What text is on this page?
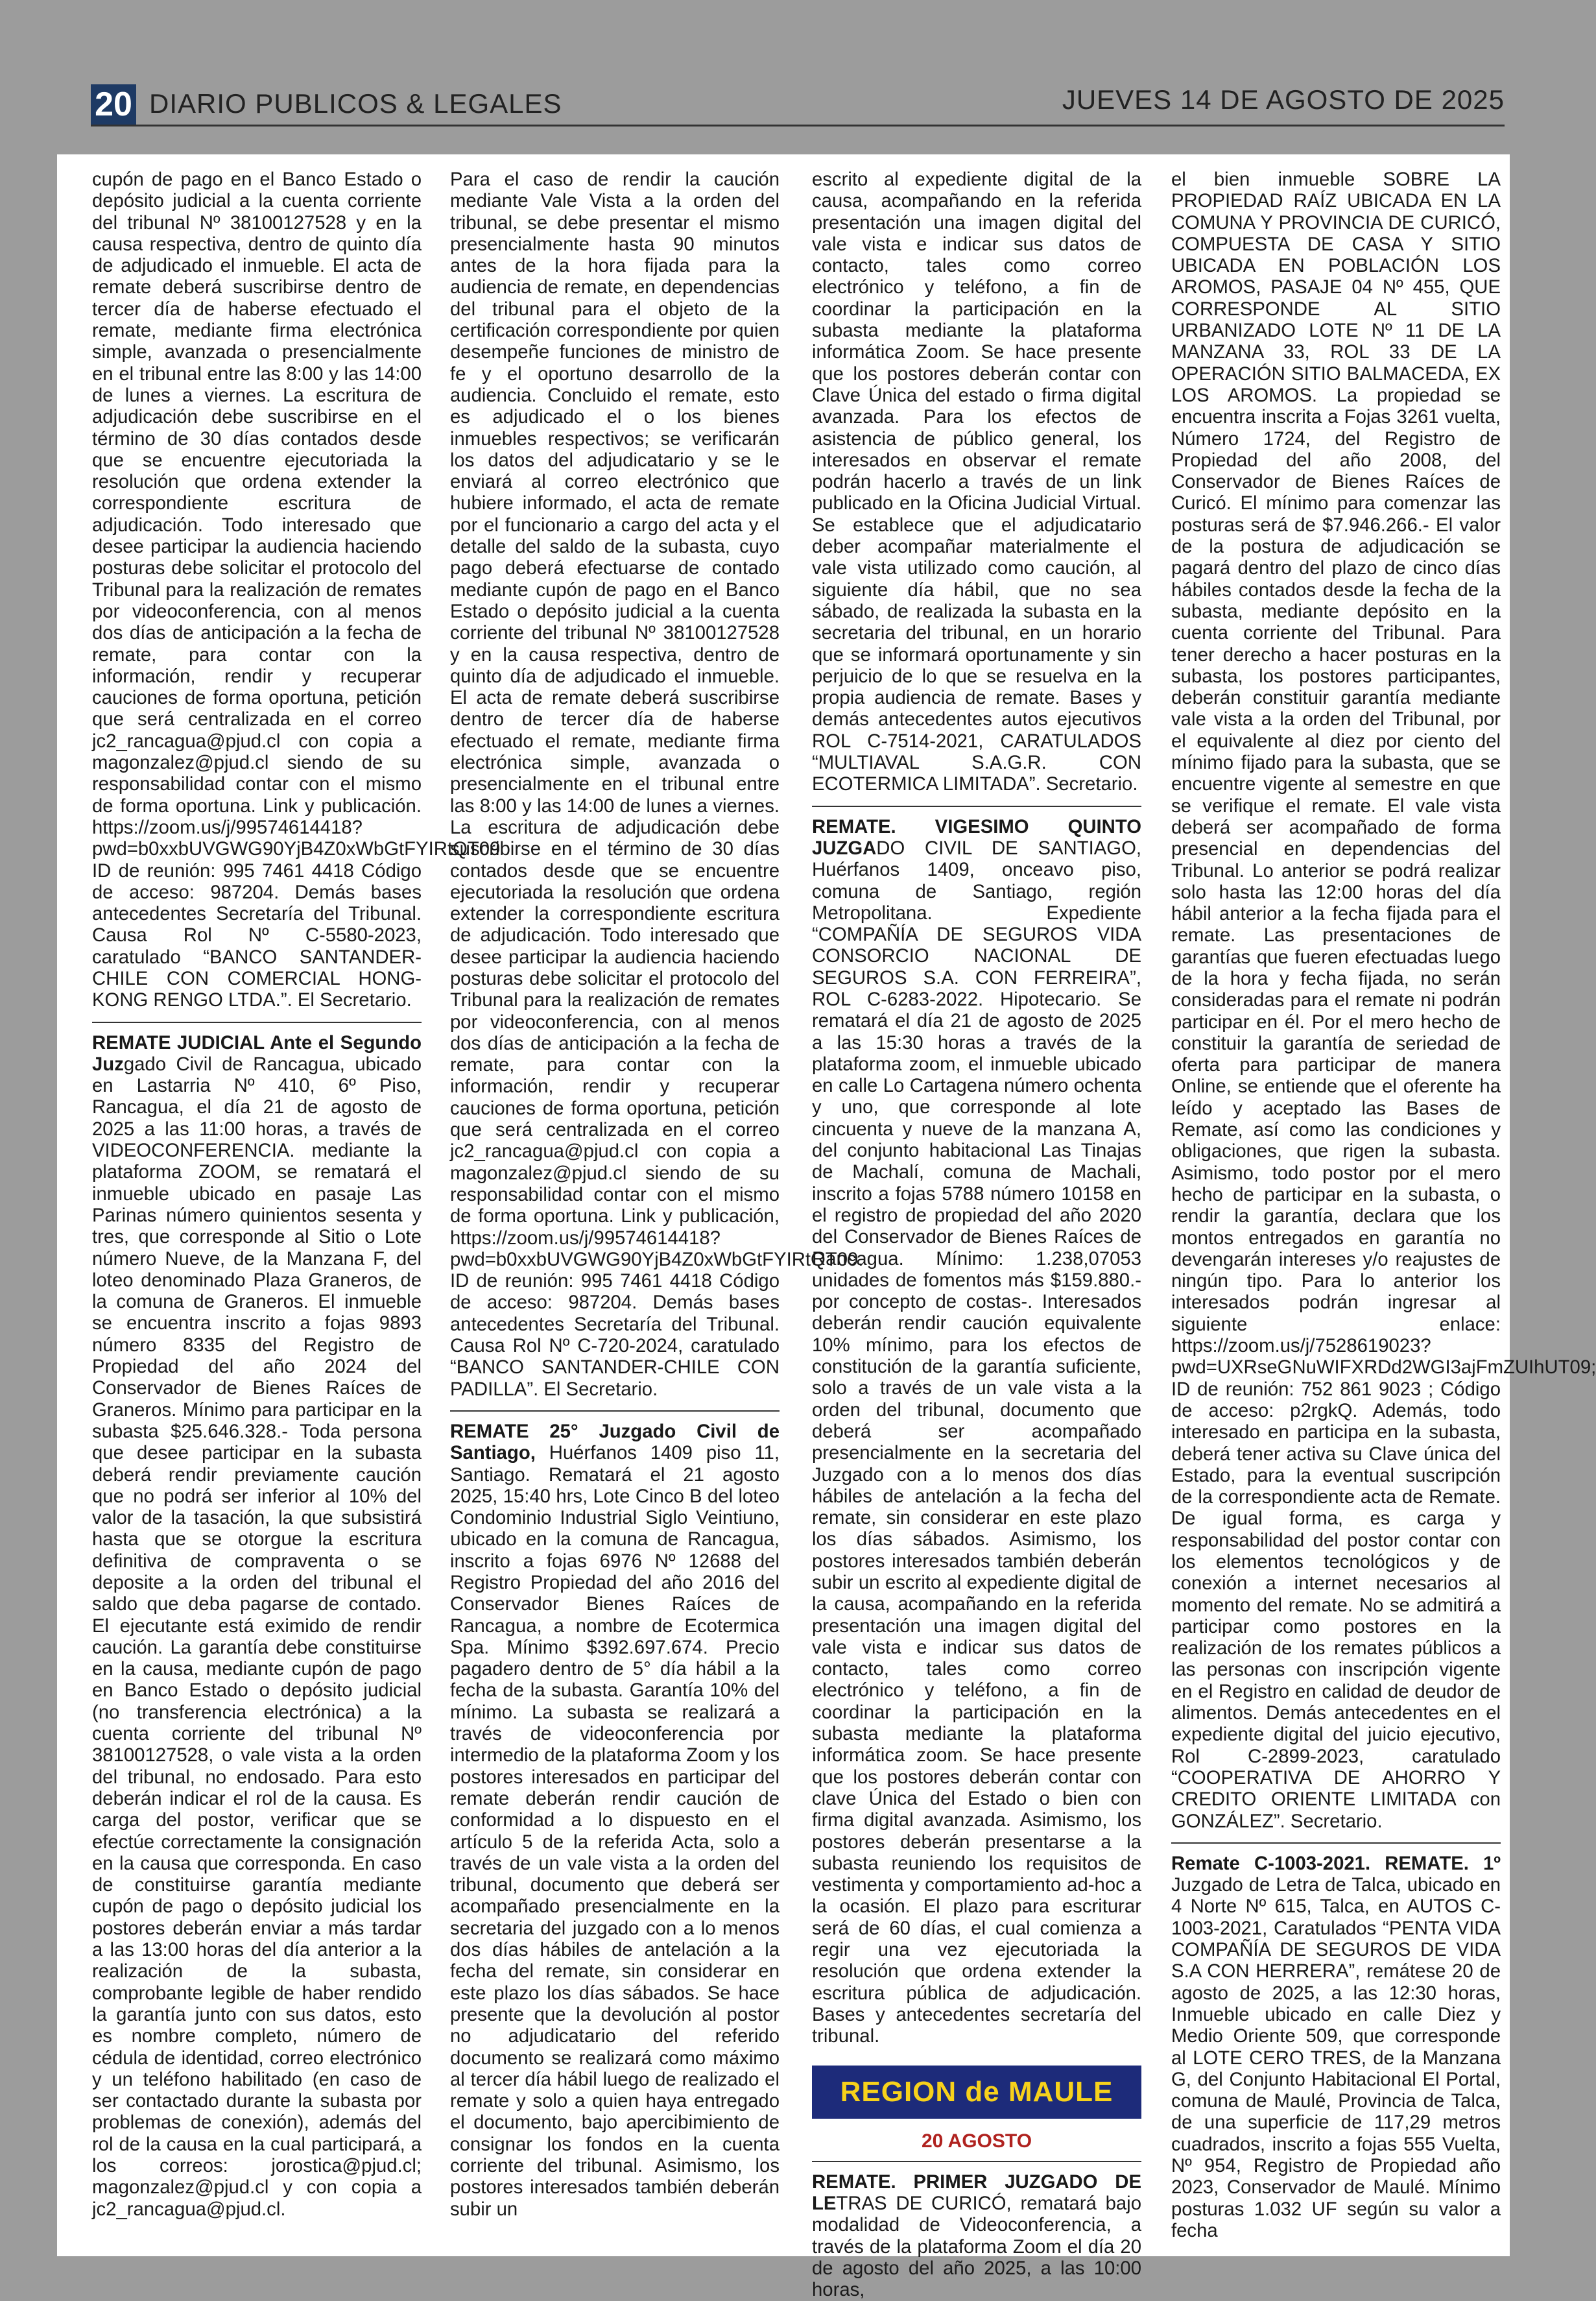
20 DIARIO PUBLICOS & LEGALES	JUEVES 14 DE AGOSTO DE 2025

cupón de pago en el Banco Estado o depósito judicial a la cuenta corriente del tribunal Nº 38100127528 y en la causa respectiva, dentro de quinto día de adjudicado el inmueble. El acta de remate deberá suscribirse dentro de tercer día de haberse efectuado el remate, mediante firma electrónica simple, avanzada o presencialmente en el tribunal entre las 8:00 y las 14:00 de lunes a viernes. La escritura de adjudicación debe suscribirse en el término de 30 días contados desde que se encuentre ejecutoriada la resolución que ordena extender la correspondiente escritura de adjudicación. Todo interesado que desee participar la audiencia haciendo posturas debe solicitar el protocolo del Tribunal para la realización de remates por videoconferencia, con al menos dos días de anticipación a la fecha de remate, para contar con la información, rendir y recuperar cauciones de forma oportuna, petición que será centralizada en el correo jc2_rancagua@pjud.cl con copia a magonzalez@pjud.cl siendo de su responsabilidad contar con el mismo de forma oportuna. Link y publicación. https://zoom.us/j/99574614418?pwd=b0xxbUVGWG90YjB4Z0xWbGtFYIRtQT09 ID de reunión: 995 7461 4418 Código de acceso: 987204. Demás bases antecedentes Secretaría del Tribunal. Causa Rol Nº C-5580-2023, caratulado “BANCO SANTANDER-CHILE CON COMERCIAL HONG-KONG RENGO LTDA.”. El Secretario.

REMATE JUDICIAL Ante el Segundo Juzgado Civil de Rancagua, ubicado en Lastarria Nº 410, 6º Piso, Rancagua, el día 21 de agosto de 2025 a las 11:00 horas, a través de VIDEOCONFERENCIA. mediante la plataforma ZOOM, se rematará el inmueble ubicado en pasaje Las Parinas número quinientos sesenta y tres, que corresponde al Sitio o Lote número Nueve, de la Manzana F, del loteo denominado Plaza Graneros, de la comuna de Graneros. El inmueble se encuentra inscrito a fojas 9893 número 8335 del Registro de Propiedad del año 2024 del Conservador de Bienes Raíces de Graneros. Mínimo para participar en la subasta $25.646.328.- Toda persona que desee participar en la subasta deberá rendir previamente caución que no podrá ser inferior al 10% del valor de la tasación, la que subsistirá hasta que se otorgue la escritura definitiva de compraventa o se deposite a la orden del tribunal el saldo que deba pagarse de contado. El ejecutante está eximido de rendir caución. La garantía debe constituirse en la causa, mediante cupón de pago en Banco Estado o depósito judicial (no transferencia electrónica) a la cuenta corriente del tribunal Nº 38100127528, o vale vista a la orden del tribunal, no endosado. Para esto deberán indicar el rol de la causa. Es carga del postor, verificar que se efectúe correctamente la consignación en la causa que corresponda. En caso de constituirse garantía mediante cupón de pago o depósito judicial los postores deberán enviar a más tardar a las 13:00 horas del día anterior a la realización de la subasta, comprobante legible de haber rendido la garantía junto con sus datos, esto es nombre completo, número de cédula de identidad, correo electrónico y un teléfono habilitado (en caso de ser contactado durante la subasta por problemas de conexión), además del rol de la causa en la cual participará, a los correos: jorostica@pjud.cl; magonzalez@pjud.cl y con copia a jc2_rancagua@pjud.cl.

Para el caso de rendir la caución mediante Vale Vista a la orden del tribunal, se debe presentar el mismo presencialmente hasta 90 minutos antes de la hora fijada para la audiencia de remate, en dependencias del tribunal para el objeto de la certificación correspondiente por quien desempeñe funciones de ministro de fe y el oportuno desarrollo de la audiencia. Concluido el remate, esto es adjudicado el o los bienes inmuebles respectivos; se verificarán los datos del adjudicatario y se le enviará al correo electrónico que hubiere informado, el acta de remate por el funcionario a cargo del acta y el detalle del saldo de la subasta, cuyo pago deberá efectuarse de contado mediante cupón de pago en el Banco Estado o depósito judicial a la cuenta corriente del tribunal Nº 38100127528 y en la causa respectiva, dentro de quinto día de adjudicado el inmueble. El acta de remate deberá suscribirse dentro de tercer día de haberse efectuado el remate, mediante firma electrónica simple, avanzada o presencialmente en el tribunal entre las 8:00 y las 14:00 de lunes a viernes. La escritura de adjudicación debe suscribirse en el término de 30 días contados desde que se encuentre ejecutoriada la resolución que ordena extender la correspondiente escritura de adjudicación. Todo interesado que desee participar la audiencia haciendo posturas debe solicitar el protocolo del Tribunal para la realización de remates por videoconferencia, con al menos dos días de anticipación a la fecha de remate, para contar con la información, rendir y recuperar cauciones de forma oportuna, petición que será centralizada en el correo jc2_rancagua@pjud.cl con copia a magonzalez@pjud.cl siendo de su responsabilidad contar con el mismo de forma oportuna. Link y publicación, https://zoom.us/j/99574614418?pwd=b0xxbUVGWG90YjB4Z0xWbGtFYIRtQT09. ID de reunión: 995 7461 4418 Código de acceso: 987204. Demás bases antecedentes Secretaría del Tribunal. Causa Rol Nº C-720-2024, caratulado “BANCO SANTANDER-CHILE CON PADILLA”. El Secretario.

REMATE 25° Juzgado Civil de Santiago, Huérfanos 1409 piso 11, Santiago. Rematará el 21 agosto 2025, 15:40 hrs, Lote Cinco B del loteo Condominio Industrial Siglo Veintiuno, ubicado en la comuna de Rancagua, inscrito a fojas 6976 Nº 12688 del Registro Propiedad del año 2016 del Conservador Bienes Raíces de Rancagua, a nombre de Ecotermica Spa. Mínimo $392.697.674. Precio pagadero dentro de 5° día hábil a la fecha de la subasta. Garantía 10% del mínimo. La subasta se realizará a través de videoconferencia por intermedio de la plataforma Zoom y los postores interesados en participar del remate deberán rendir caución de conformidad a lo dispuesto en el artículo 5 de la referida Acta, solo a través de un vale vista a la orden del tribunal, documento que deberá ser acompañado presencialmente en la secretaria del juzgado con a lo menos dos días hábiles de antelación a la fecha del remate, sin considerar en este plazo los días sábados. Se hace presente que la devolución al postor no adjudicatario del referido documento se realizará como máximo al tercer día hábil luego de realizado el remate y solo a quien haya entregado el documento, bajo apercibimiento de consignar los fondos en la cuenta corriente del tribunal. Asimismo, los postores interesados también deberán subir un

escrito al expediente digital de la causa, acompañando en la referida presentación una imagen digital del vale vista e indicar sus datos de contacto, tales como correo electrónico y teléfono, a fin de coordinar la participación en la subasta mediante la plataforma informática Zoom. Se hace presente que los postores deberán contar con Clave Única del estado o firma digital avanzada. Para los efectos de asistencia de público general, los interesados en observar el remate podrán hacerlo a través de un link publicado en la Oficina Judicial Virtual. Se establece que el adjudicatario deber acompañar materialmente el vale vista utilizado como caución, al siguiente día hábil, que no sea sábado, de realizada la subasta en la secretaria del tribunal, en un horario que se informará oportunamente y sin perjuicio de lo que se resuelva en la propia audiencia de remate. Bases y demás antecedentes autos ejecutivos ROL C-7514-2021, CARATULADOS “MULTIAVAL S.A.G.R. CON ECOTERMICA LIMITADA”. Secretario.

REMATE. VIGESIMO QUINTO JUZGADO CIVIL DE SANTIAGO, Huérfanos 1409, onceavo piso, comuna de Santiago, región Metropolitana. Expediente “COMPAÑÍA DE SEGUROS VIDA CONSORCIO NACIONAL DE SEGUROS S.A. CON FERREIRA”, ROL C-6283-2022. Hipotecario. Se rematará el día 21 de agosto de 2025 a las 15:30 horas a través de la plataforma zoom, el inmueble ubicado en calle Lo Cartagena número ochenta y uno, que corresponde al lote cincuenta y nueve de la manzana A, del conjunto habitacional Las Tinajas de Machalí, comuna de Machali, inscrito a fojas 5788 número 10158 en el registro de propiedad del año 2020 del Conservador de Bienes Raíces de Rancagua. Mínimo: 1.238,07053 unidades de fomentos más $159.880.- por concepto de costas-. Interesados deberán rendir caución equivalente 10% mínimo, para los efectos de constitución de la garantía suficiente, solo a través de un vale vista a la orden del tribunal, documento que deberá ser acompañado presencialmente en la secretaria del Juzgado con a lo menos dos días hábiles de antelación a la fecha del remate, sin considerar en este plazo los días sábados. Asimismo, los postores interesados también deberán subir un escrito al expediente digital de la causa, acompañando en la referida presentación una imagen digital del vale vista e indicar sus datos de contacto, tales como correo electrónico y teléfono, a fin de coordinar la participación en la subasta mediante la plataforma informática zoom. Se hace presente que los postores deberán contar con clave Única del Estado o bien con firma digital avanzada. Asimismo, los postores deberán presentarse a la subasta reuniendo los requisitos de vestimenta y comportamiento ad-hoc a la ocasión. El plazo para escriturar será de 60 días, el cual comienza a regir una vez ejecutoriada la resolución que ordena extender la escritura pública de adjudicación. Bases y antecedentes secretaría del tribunal.

REGION de MAULE
20 AGOSTO

REMATE. PRIMER JUZGADO DE LETRAS DE CURICÓ, rematará bajo modalidad de Videoconferencia, a través de la plataforma Zoom el día 20 de agosto del año 2025, a las 10:00 horas,

el bien inmueble SOBRE LA PROPIEDAD RAÍZ UBICADA EN LA COMUNA Y PROVINCIA DE CURICÓ, COMPUESTA DE CASA Y SITIO UBICADA EN POBLACIÓN LOS AROMOS, PASAJE 04 Nº 455, QUE CORRESPONDE AL SITIO URBANIZADO LOTE Nº 11 DE LA MANZANA 33, ROL 33 DE LA OPERACIÓN SITIO BALMACEDA, EX LOS AROMOS. La propiedad se encuentra inscrita a Fojas 3261 vuelta, Número 1724, del Registro de Propiedad del año 2008, del Conservador de Bienes Raíces de Curicó. El mínimo para comenzar las posturas será de $7.946.266.- El valor de la postura de adjudicación se pagará dentro del plazo de cinco días hábiles contados desde la fecha de la subasta, mediante depósito en la cuenta corriente del Tribunal. Para tener derecho a hacer posturas en la subasta, los postores participantes, deberán constituir garantía mediante vale vista a la orden del Tribunal, por el equivalente al diez por ciento del mínimo fijado para la subasta, que se encuentre vigente al semestre en que se verifique el remate. El vale vista deberá ser acompañado de forma presencial en dependencias del Tribunal. Lo anterior se podrá realizar solo hasta las 12:00 horas del día hábil anterior a la fecha fijada para el remate. Las presentaciones de garantías que fueren efectuadas luego de la hora y fecha fijada, no serán consideradas para el remate ni podrán participar en él. Por el mero hecho de constituir la garantía de seriedad de oferta para participar de manera Online, se entiende que el oferente ha leído y aceptado las Bases de Remate, así como las condiciones y obligaciones, que rigen la subasta. Asimismo, todo postor por el mero hecho de participar en la subasta, o rendir la garantía, declara que los montos entregados en garantía no devengarán intereses y/o reajustes de ningún tipo. Para lo anterior los interesados podrán ingresar al siguiente enlace: https://zoom.us/j/7528619023?pwd=UXRseGNuWIFXRDd2WGI3ajFmZUIhUT09; ID de reunión: 752 861 9023 ; Código de acceso: p2rgkQ. Además, todo interesado en participa en la subasta, deberá tener activa su Clave única del Estado, para la eventual suscripción de la correspondiente acta de Remate. De igual forma, es carga y responsabilidad del postor contar con los elementos tecnológicos y de conexión a internet necesarios al momento del remate. No se admitirá a participar como postores en la realización de los remates públicos a las personas con inscripción vigente en el Registro en calidad de deudor de alimentos. Demás antecedentes en el expediente digital del juicio ejecutivo, Rol C-2899-2023, caratulado “COOPERATIVA DE AHORRO Y CREDITO ORIENTE LIMITADA con GONZÁLEZ”. Secretario.

Remate C-1003-2021. REMATE. 1º Juzgado de Letra de Talca, ubicado en 4 Norte Nº 615, Talca, en AUTOS C-1003-2021, Caratulados “PENTA VIDA COMPAÑÍA DE SEGUROS DE VIDA S.A CON HERRERA”, remátese 20 de agosto de 2025, a las 12:30 horas, Inmueble ubicado en calle Diez y Medio Oriente 509, que corresponde al LOTE CERO TRES, de la Manzana G, del Conjunto Habitacional El Portal, comuna de Maulé, Provincia de Talca, de una superficie de 117,29 metros cuadrados, inscrito a fojas 555 Vuelta, Nº 954, Registro de Propiedad año 2023, Conservador de Maulé. Mínimo posturas 1.032 UF según su valor a fecha
